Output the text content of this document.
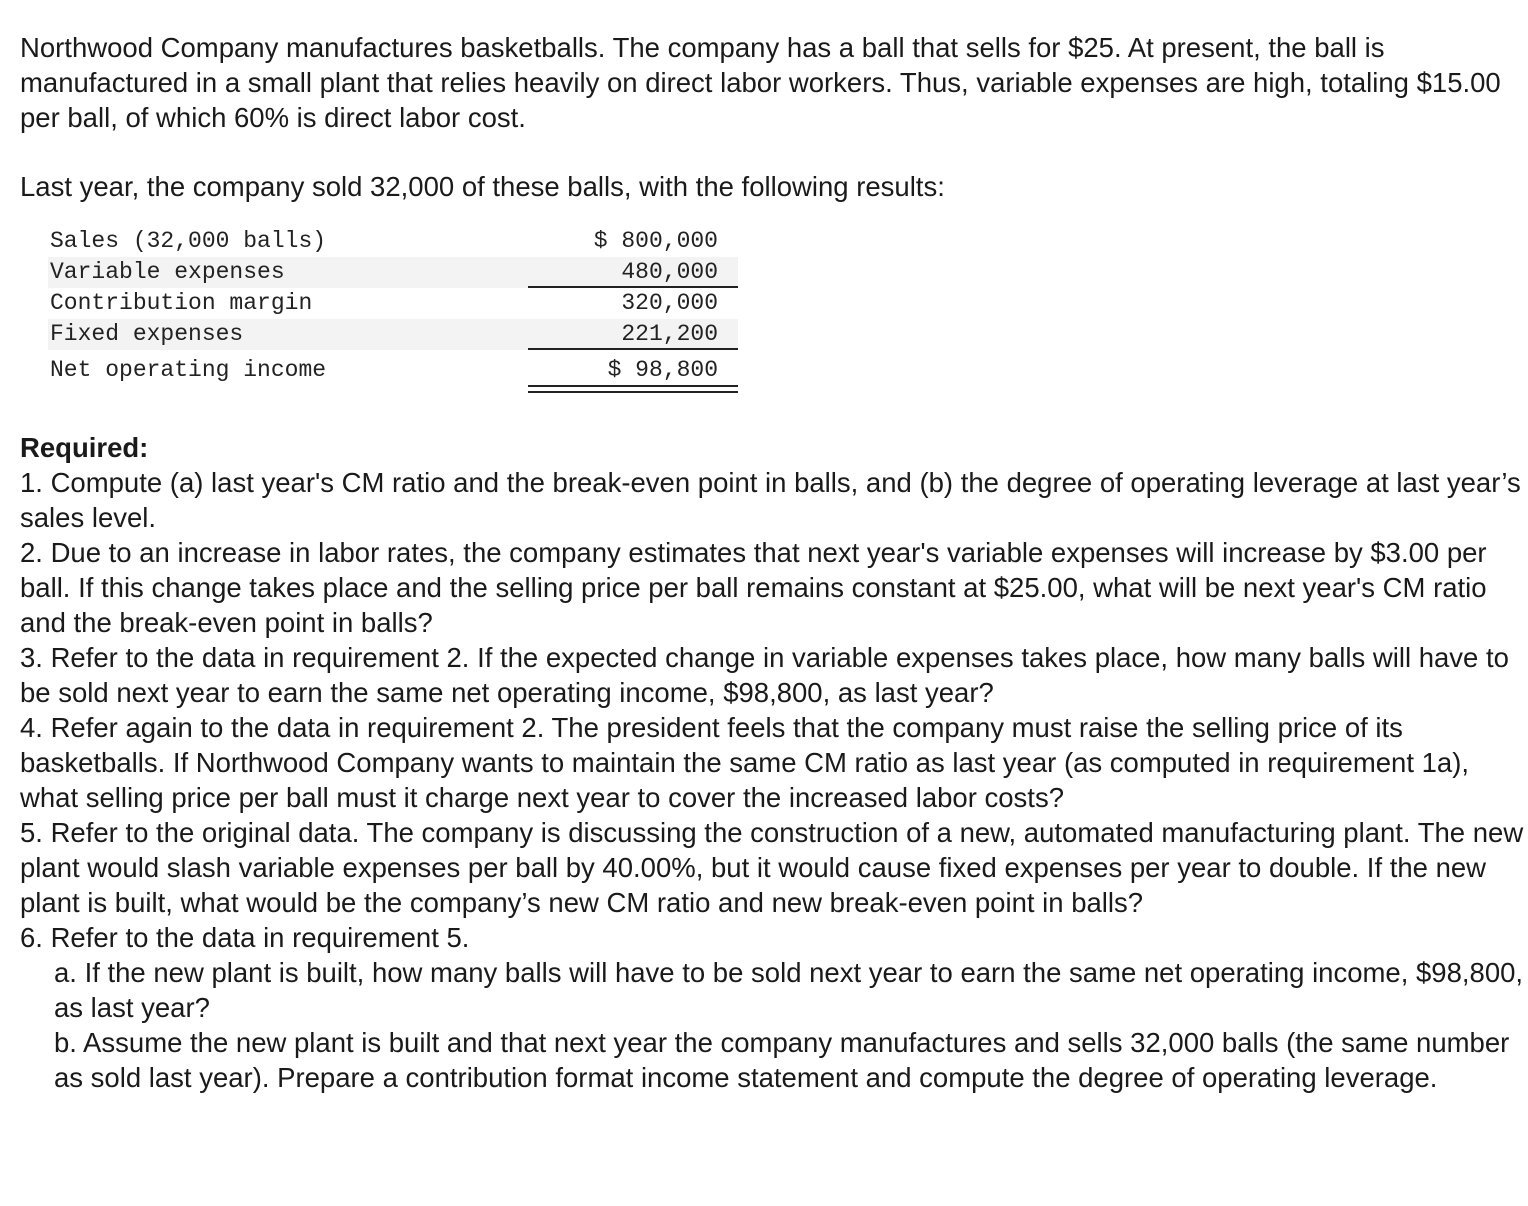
Northwood Company manufactures basketballs. The company has a ball that sells for $25. At present, the ball is manufactured in a small plant that relies heavily on direct labor workers. Thus, variable expenses are high, totaling $15.00 per ball, of which 60% is direct labor cost.

Last year, the company sold 32,000 of these balls, with the following results:

Sales (32,000 balls)	$ 800,000
Variable expenses	480,000
Contribution margin	320,000
Fixed expenses	221,200
Net operating income	$ 98,800

Required:

1. Compute (a) last year's CM ratio and the break-even point in balls, and (b) the degree of operating leverage at last year’s sales level.

2. Due to an increase in labor rates, the company estimates that next year's variable expenses will increase by $3.00 per ball. If this change takes place and the selling price per ball remains constant at $25.00, what will be next year's CM ratio and the break-even point in balls?

3. Refer to the data in requirement 2. If the expected change in variable expenses takes place, how many balls will have to be sold next year to earn the same net operating income, $98,800, as last year?

4. Refer again to the data in requirement 2. The president feels that the company must raise the selling price of its basketballs. If Northwood Company wants to maintain the same CM ratio as last year (as computed in requirement 1a), what selling price per ball must it charge next year to cover the increased labor costs?

5. Refer to the original data. The company is discussing the construction of a new, automated manufacturing plant. The new plant would slash variable expenses per ball by 40.00%, but it would cause fixed expenses per year to double. If the new plant is built, what would be the company’s new CM ratio and new break-even point in balls?

6. Refer to the data in requirement 5.

a. If the new plant is built, how many balls will have to be sold next year to earn the same net operating income, $98,800, as last year?

b. Assume the new plant is built and that next year the company manufactures and sells 32,000 balls (the same number as sold last year). Prepare a contribution format income statement and compute the degree of operating leverage.
